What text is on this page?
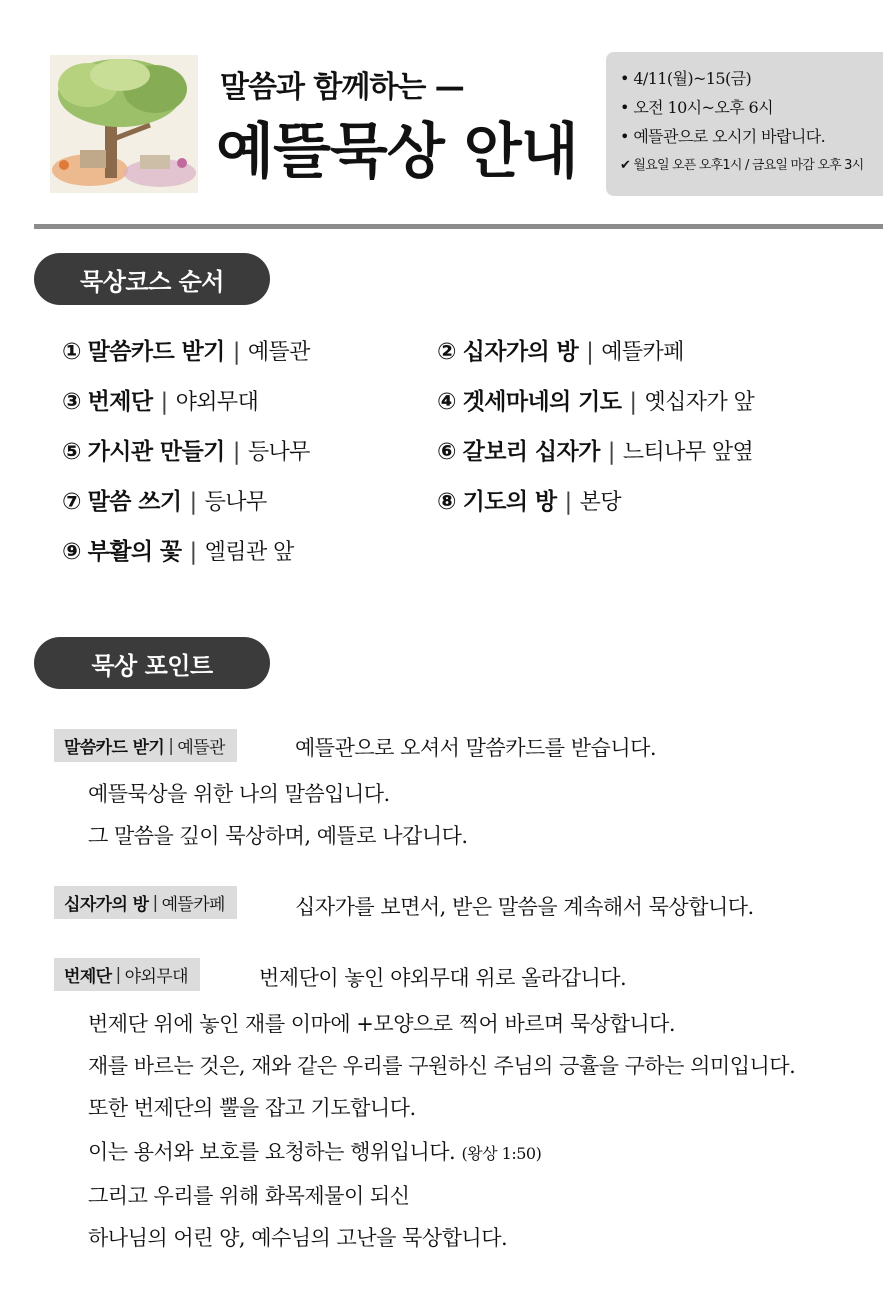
말씀과 함께하는 —
예뜰묵상 안내
• 4/11(월)~15(금)
• 오전 10시~오후 6시
• 예뜰관으로 오시기 바랍니다.
✔ 월요일 오픈 오후1시 / 금요일 마감 오후 3시
묵상코스 순서
① 말씀카드 받기 | 예뜰관	② 십자가의 방 | 예뜰카페
③ 번제단 | 야외무대	④ 겟세마네의 기도 | 옛십자가 앞
⑤ 가시관 만들기 | 등나무	⑥ 갈보리 십자가 | 느티나무 앞옆
⑦ 말씀 쓰기 | 등나무	⑧ 기도의 방 | 본당
⑨ 부활의 꽃 | 엘림관 앞
묵상 포인트
말씀카드 받기 | 예뜰관	예뜰관으로 오셔서 말씀카드를 받습니다.
예뜰묵상을 위한 나의 말씀입니다.
그 말씀을 깊이 묵상하며, 예뜰로 나갑니다.
십자가의 방 | 예뜰카페	십자가를 보면서, 받은 말씀을 계속해서 묵상합니다.
번제단 | 야외무대	번제단이 놓인 야외무대 위로 올라갑니다.
번제단 위에 놓인 재를 이마에 +모양으로 찍어 바르며 묵상합니다.
재를 바르는 것은, 재와 같은 우리를 구원하신 주님의 긍휼을 구하는 의미입니다.
또한 번제단의 뿔을 잡고 기도합니다.
이는 용서와 보호를 요청하는 행위입니다. (왕상 1:50)
그리고 우리를 위해 화목제물이 되신
하나님의 어린 양, 예수님의 고난을 묵상합니다.
